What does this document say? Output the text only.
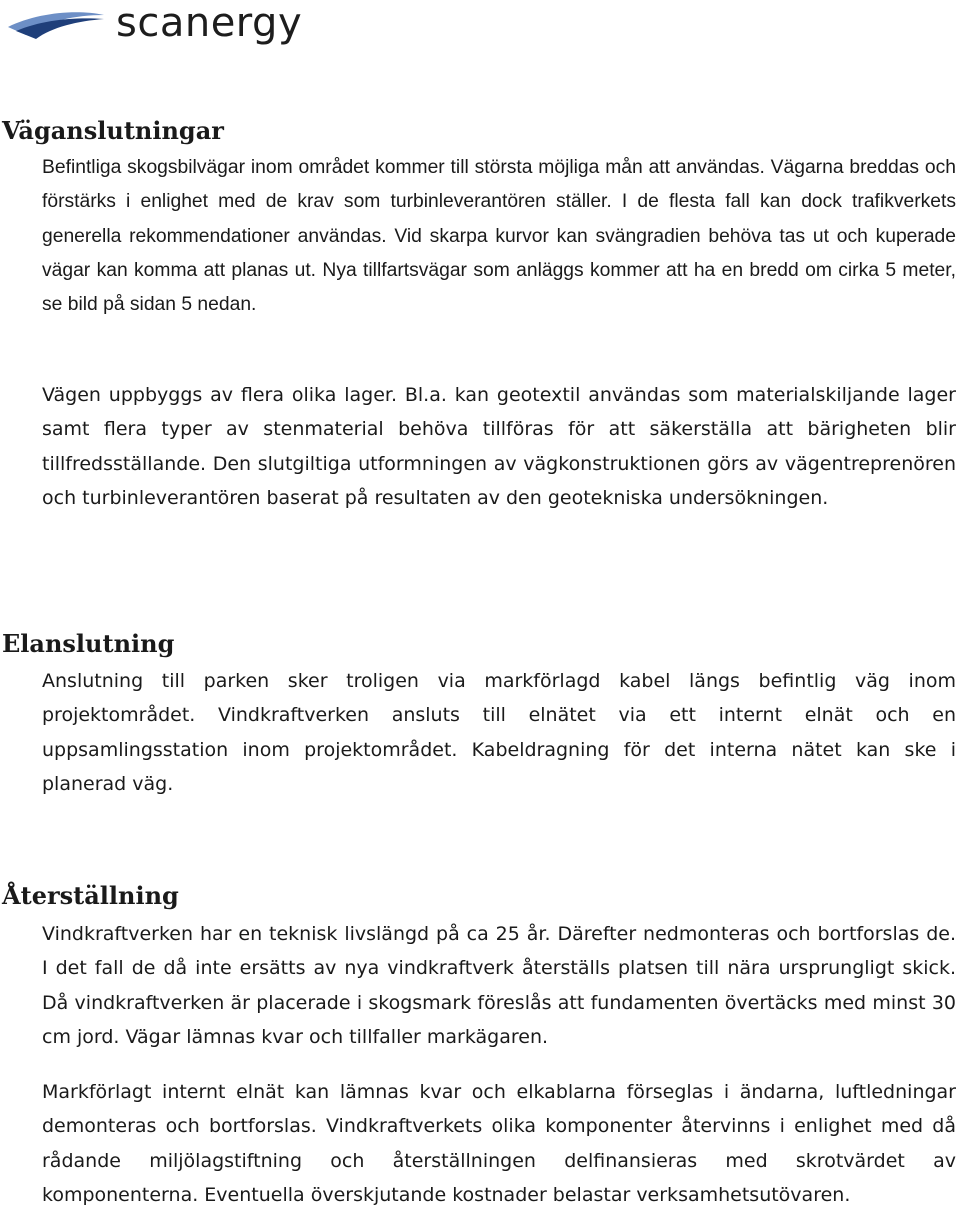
scanergy
Väganslutningar

Befintliga skogsbilvägar inom området kommer till största möjliga mån att användas. Vägarna breddas och förstärks i enlighet med de krav som turbinleverantören ställer. I de flesta fall kan dock trafikverkets generella rekommendationer användas. Vid skarpa kurvor kan svängradien behöva tas ut och kuperade vägar kan komma att planas ut. Nya tillfartsvägar som anläggs kommer att ha en bredd om cirka 5 meter, se bild på sidan 5 nedan.

Vägen uppbyggs av flera olika lager. Bl.a. kan geotextil användas som materialskiljande lager samt flera typer av stenmaterial behöva tillföras för att säkerställa att bärigheten blir tillfredsställande. Den slutgiltiga utformningen av vägkonstruktionen görs av vägentreprenören och turbinleverantören baserat på resultaten av den geotekniska undersökningen.

Elanslutning

Anslutning till parken sker troligen via markförlagd kabel längs befintlig väg inom projektområdet. Vindkraftverken ansluts till elnätet via ett internt elnät och en uppsamlingsstation inom projektområdet. Kabeldragning för det interna nätet kan ske i planerad väg.

Återställning

Vindkraftverken har en teknisk livslängd på ca 25 år. Därefter nedmonteras och bortforslas de. I det fall de då inte ersätts av nya vindkraftverk återställs platsen till nära ursprungligt skick. Då vindkraftverken är placerade i skogsmark föreslås att fundamenten övertäcks med minst 30 cm jord. Vägar lämnas kvar och tillfaller markägaren.

Markförlagt internt elnät kan lämnas kvar och elkablarna förseglas i ändarna, luftledningar demonteras och bortforslas. Vindkraftverkets olika komponenter återvinns i enlighet med då rådande miljölagstiftning och återställningen delfinansieras med skrotvärdet av komponenterna. Eventuella överskjutande kostnader belastar verksamhetsutövaren.
